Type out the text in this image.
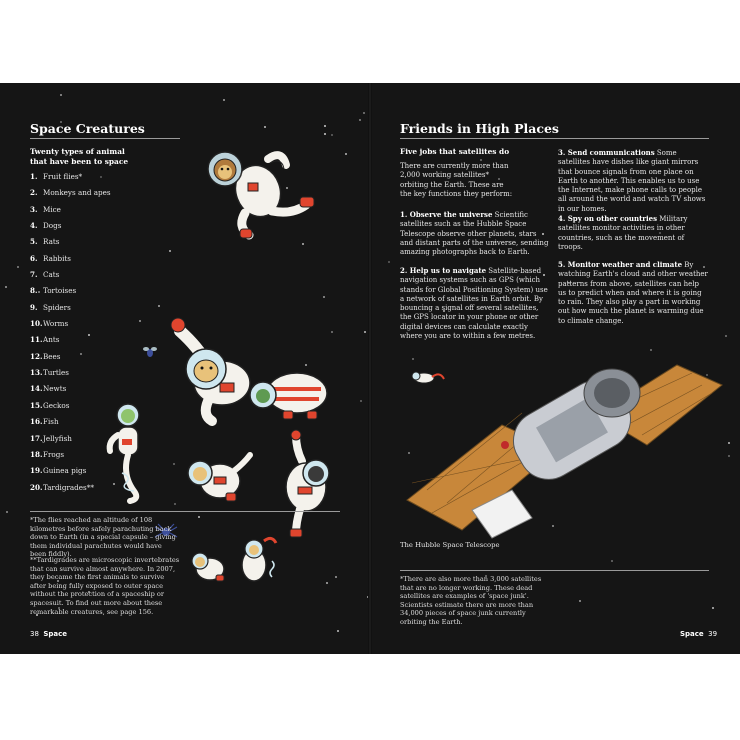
Space Creatures
Twenty types of animal that have been to space
1. Fruit flies*
2. Monkeys and apes
3. Mice
4. Dogs
5. Rats
6. Rabbits
7. Cats
8. Tortoises
9. Spiders
10.Worms
11.Ants
12.Bees
13.Turtles
14.Newts
15.Geckos
16.Fish
17.Jellyfish
18.Frogs
19.Guinea pigs
20.Tardigrades**
*The flies reached an altitude of 108 kilometres before safely parachuting back down to Earth (in a special capsule – giving them individual parachutes would have been fiddly).
**Tardigrades are microscopic invertebrates that can survive almost anywhere. In 2007, they became the first animals to survive after being fully exposed to outer space without the protection of a spaceship or spacesuit. To find out more about these remarkable creatures, see page 156.
38 Space
Friends in High Places
Five jobs that satellites do
There are currently more than 2,000 working satellites* orbiting the Earth. These are the key functions they perform:
1. Observe the universe Scientific satellites such as the Hubble Space Telescope observe other planets, stars and distant parts of the universe, sending amazing photographs back to Earth.
2. Help us to navigate Satellite-based navigation systems such as GPS (which stands for Global Positioning System) use a network of satellites in Earth orbit. By bouncing a signal off several satellites, the GPS locator in your phone or other digital devices can calculate exactly where you are to within a few metres.
3. Send communications Some satellites have dishes like giant mirrors that bounce signals from one place on Earth to another. This enables us to use the Internet, make phone calls to people all around the world and watch TV shows in our homes.
4. Spy on other countries Military satellites monitor activities in other countries, such as the movement of troops.
5. Monitor weather and climate By watching Earth's cloud and other weather patterns from above, satellites can help us to predict when and where it is going to rain. They also play a part in working out how much the planet is warming due to climate change.
The Hubble Space Telescope
*There are also more than 3,000 satellites that are no longer working. These dead satellites are examples of 'space junk'. Scientists estimate there are more than 34,000 pieces of space junk currently orbiting the Earth.
Space 39
